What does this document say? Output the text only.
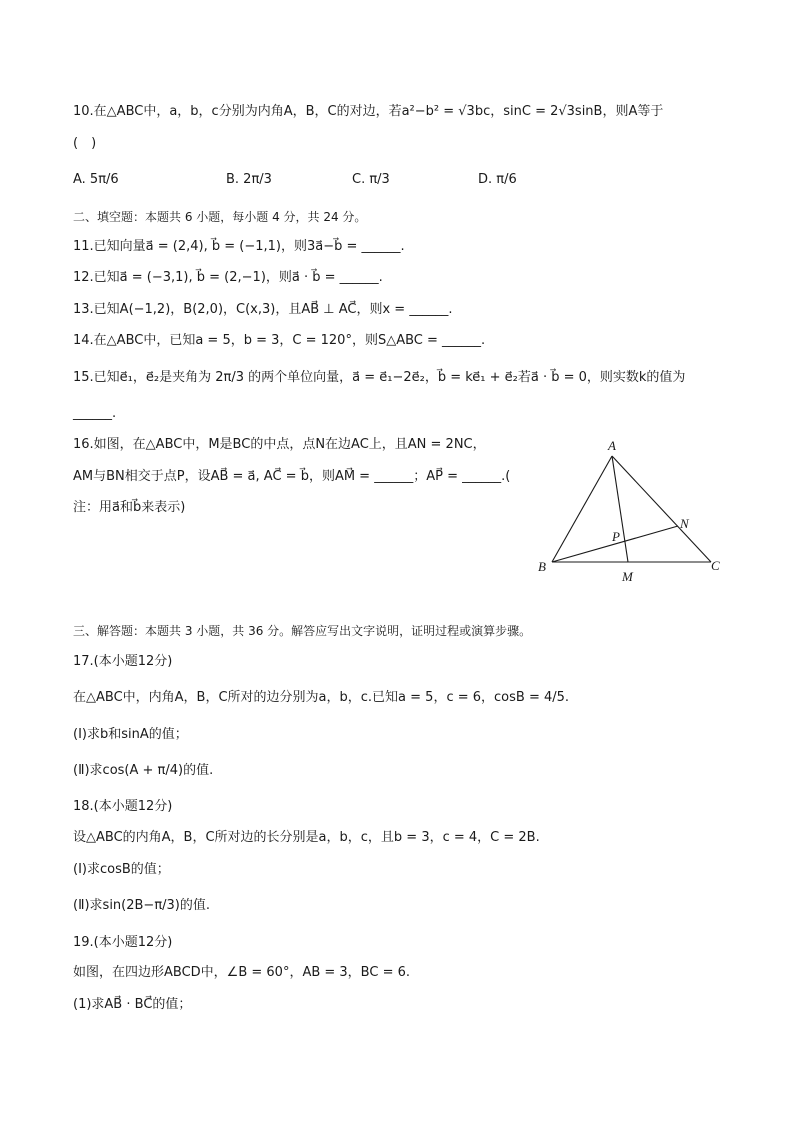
10.在△ABC中，a，b，c分别为内角A，B，C的对边，若a²−b² = √3bc，sinC = 2√3sinB，则A等于
(　)
A. 5π/6	B. 2π/3	C. π/3	D. π/6
二、填空题：本题共 6 小题，每小题 4 分，共 24 分。
11.已知向量a⃗ = (2,4), b⃗ = (−1,1)，则3a⃗−b⃗ = ______.
12.已知a⃗ = (−3,1), b⃗ = (2,−1)，则a⃗ · b⃗ = ______.
13.已知A(−1,2)，B(2,0)，C(x,3)，且AB⃗ ⊥ AC⃗，则x = ______.
14.在△ABC中，已知a = 5，b = 3，C = 120°，则S△ABC = ______.
15.已知e⃗₁，e⃗₂是夹角为 2π/3 的两个单位向量，a⃗ = e⃗₁−2e⃗₂，b⃗ = ke⃗₁ + e⃗₂若a⃗ · b⃗ = 0，则实数k的值为
______.
16.如图，在△ABC中，M是BC的中点，点N在边AC上，且AN = 2NC，
AM与BN相交于点P，设AB⃗ = a⃗, AC⃗ = b⃗，则AM⃗ = ______；AP⃗ = ______.(
注：用a⃗和b⃗来表示)
A
B	C
M
N
P
三、解答题：本题共 3 小题，共 36 分。解答应写出文字说明，证明过程或演算步骤。
17.(本小题12分)
在△ABC中，内角A，B，C所对的边分别为a，b，c.已知a = 5，c = 6，cosB = 4/5.
(Ⅰ)求b和sinA的值；
(Ⅱ)求cos(A + π/4)的值.
18.(本小题12分)
设△ABC的内角A，B，C所对边的长分别是a，b，c，且b = 3，c = 4，C = 2B.
(Ⅰ)求cosB的值；
(Ⅱ)求sin(2B−π/3)的值.
19.(本小题12分)
如图，在四边形ABCD中，∠B = 60°，AB = 3，BC = 6.
(1)求AB⃗ · BC⃗的值；
